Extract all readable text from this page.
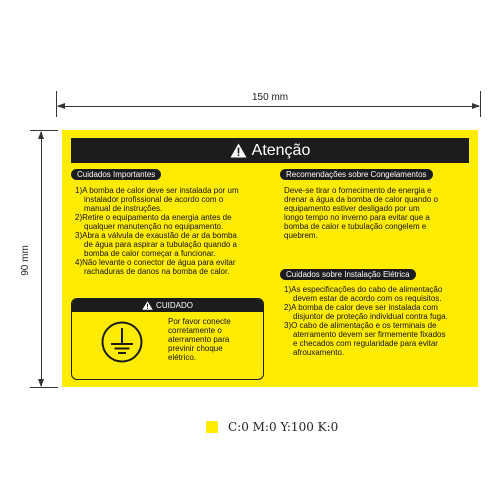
150 mm
90 mm
Atenção
Cuidados Importantes
1)A bomba de calor deve ser instalada por um
instalador profissional de acordo com o
manual de instruções.
2)Retire o equipamento da energia antes de
qualquer manutenção no equipamento.
3)Abra a válvula de exaustão de ar da bomba
de água para aspirar a tubulação quando a
bomba de calor começar a funcionar.
4)Não levante o conector de água para evitar
rachaduras de danos na bomba de calor.
CUIDADO
Por favor conecte
corretamente o
aterramento para
previnir choque
elétrico.
Recomendações sobre Congelamentos
Deve-se tirar o fornecimento de energia e
drenar a água da bomba de calor quando o
equipamento estiver desligado por um
longo tempo no inverno para evitar que a
bomba de calor e tubulação congelem e
quebrem.
Cuidados sobre Instalação Elétrica
1)As especificações do cabo de alimentação
devem estar de acordo com os requisitos.
2)A bomba de calor deve ser instalada com
disjuntor de proteção individual contra fuga.
3)O cabo de alimentação e os terminais de
aterramento devem ser firmemente fixados
e checados com regularidade para evitar
afrouxamento.
C:0 M:0 Y:100 K:0
